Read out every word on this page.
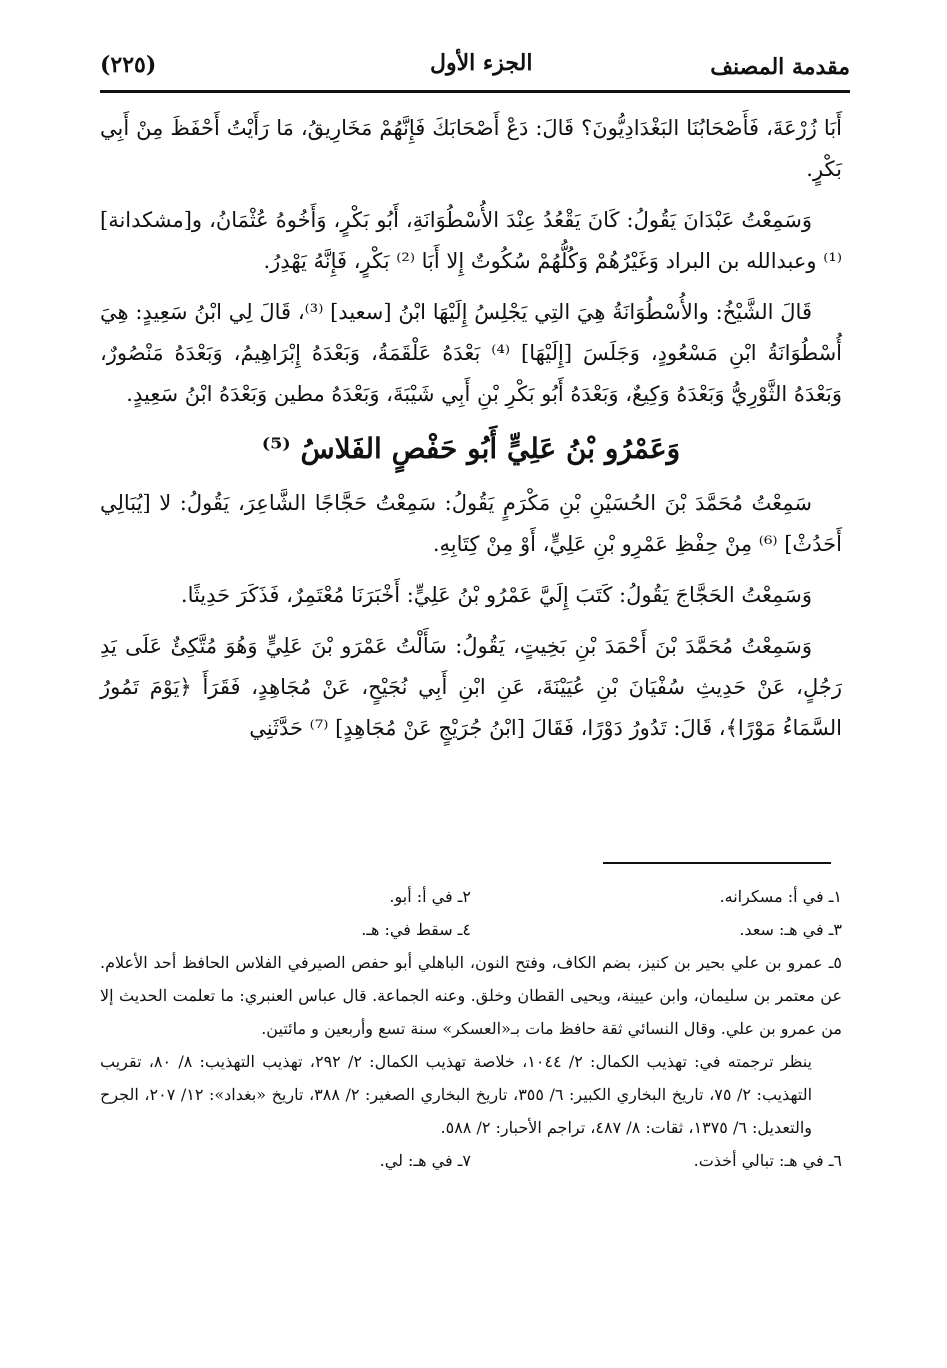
مقدمة المصنف
الجزء الأول
(٢٢٥)

أَبَا زُرْعَةَ، فَأَصْحَابُنَا البَغْدَادِيُّونَ؟ قَالَ: دَعْ أَصْحَابَكَ فَإِنَّهُمْ مَخَارِيقُ، مَا رَأَيْتُ أَحْفَظَ مِنْ أَبِي بَكْرٍ.

وَسَمِعْتُ عَبْدَانَ يَقُولُ: كَانَ يَقْعُدُ عِنْدَ الأُسْطُوَانَةِ، أَبُو بَكْرٍ، وَأَخُوهُ عُثْمَانُ، و[مشكدانة] ⁽¹⁾ وعبدالله بن البراد وَغَيْرُهُمْ وَكُلُّهُمْ سُكُوتٌ إِلا أَبَا ⁽²⁾ بَكْرٍ، فَإِنَّهُ يَهْدِرُ.

قَالَ الشَّيْخُ: والأُسْطُوَانَةُ هِيَ التِي يَجْلِسُ إِلَيْهَا ابْنُ [سعيد] ⁽³⁾، قَالَ لِي ابْنُ سَعِيدٍ: هِيَ أُسْطُوَانَةُ ابْنِ مَسْعُودٍ، وَجَلَسَ [إِلَيْهَا] ⁽⁴⁾ بَعْدَهُ عَلْقَمَةُ، وَبَعْدَهُ إِبْرَاهِيمُ، وَبَعْدَهُ مَنْصُورٌ، وَبَعْدَهُ الثَّوْرِيُّ وَبَعْدَهُ وَكِيعٌ، وَبَعْدَهُ أَبُو بَكْرِ بْنِ أَبِي شَيْبَةَ، وَبَعْدَهُ مطين وَبَعْدَهُ ابْنُ سَعِيدٍ.

وَعَمْرُو بْنُ عَلِيٍّ أَبُو حَفْصٍ الفَلاسُ ⁽⁵⁾

سَمِعْتُ مُحَمَّدَ بْنَ الحُسَيْنِ بْنِ مَكْرَمٍ يَقُولُ: سَمِعْتُ حَجَّاجًا الشَّاعِرَ، يَقُولُ: لا [يُبَالِي أَحَدُثْ] ⁽⁶⁾ مِنْ حِفْظِ عَمْرِو بْنِ عَلِيٍّ، أَوْ مِنْ كِتَابِهِ.

وَسَمِعْتُ الحَجَّاجَ يَقُولُ: كَتَبَ إِلَيَّ عَمْرُو بْنُ عَلِيٍّ: أَخْبَرَنَا مُعْتَمِرٌ، فَذَكَرَ حَدِيثًا.

وَسَمِعْتُ مُحَمَّدَ بْنَ أَحْمَدَ بْنِ بَخِيتٍ، يَقُولُ: سَأَلْتُ عَمْرَو بْنَ عَلِيٍّ وَهُوَ مُتَّكِئٌ عَلَى يَدِ رَجُلٍ، عَنْ حَدِيثِ سُفْيَانَ بْنِ عُيَيْنَةَ، عَنِ ابْنِ أَبِي نُجَيْحٍ، عَنْ مُجَاهِدٍ، فَقَرَأَ ﴿يَوْمَ تَمُورُ السَّمَاءُ مَوْرًا﴾، قَالَ: تَدُورُ دَوْرًا، فَقَالَ [ابْنُ جُرَيْجٍ عَنْ مُجَاهِدٍ] ⁽⁷⁾ حَدَّثَنِي

١ـ في أ: مسكرانه.
٢ـ في أ: أبو.
٣ـ في هـ: سعد.
٤ـ سقط في: هـ.

٥ـ عمرو بن علي بحير بن كنيز، بضم الكاف، وفتح النون، الباهلي أبو حفص الصيرفي الفلاس الحافظ أحد الأعلام. عن معتمر بن سليمان، وابن عيينة، ويحيى القطان وخلق. وعنه الجماعة. قال عباس العنبري: ما تعلمت الحديث إلا من عمرو بن علي. وقال النسائي ثقة حافظ مات بـ«العسكر» سنة تسع وأربعين و مائتين.

ينظر ترجمته في: تهذيب الكمال: ٢/ ١٠٤٤، خلاصة تهذيب الكمال: ٢/ ٢٩٢، تهذيب التهذيب: ٨/ ٨٠، تقريب التهذيب: ٢/ ٧٥، تاريخ البخاري الكبير: ٦/ ٣٥٥، تاريخ البخاري الصغير: ٢/ ٣٨٨، تاريخ «بغداد»: ١٢/ ٢٠٧، الجرح والتعديل: ٦/ ١٣٧٥، ثقات: ٨/ ٤٨٧، تراجم الأحبار: ٢/ ٥٨٨.

٦ـ في هـ: تبالي أخذت.
٧ـ في هـ: لي.
